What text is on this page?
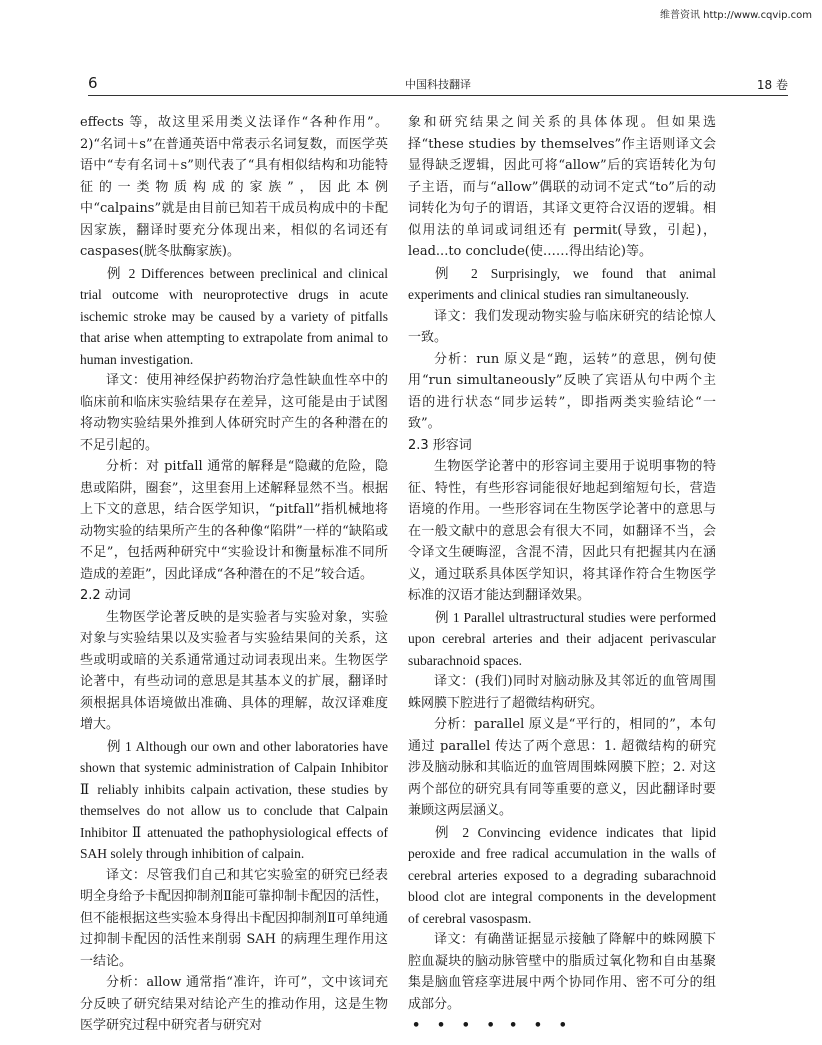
维普资讯 http://www.cqvip.com
6	中国科技翻译	18 卷

effects 等，故这里采用类义法译作“各种作用”。2)“名词＋s”在普通英语中常表示名词复数，而医学英语中“专有名词＋s”则代表了“具有相似结构和功能特征的一类物质构成的家族”，因此本例中“calpains”就是由目前已知若干成员构成中的卡配因家族，翻译时要充分体现出来，相似的名词还有 caspases(胱冬肽酶家族)。

例 2 Differences between preclinical and clinical trial outcome with neuroprotective drugs in acute ischemic stroke may be caused by a variety of pitfalls that arise when attempting to extrapolate from animal to human investigation.

译文：使用神经保护药物治疗急性缺血性卒中的临床前和临床实验结果存在差异，这可能是由于试图将动物实验结果外推到人体研究时产生的各种潜在的不足引起的。

分析：对 pitfall 通常的解释是“隐藏的危险，隐患或陷阱，圈套”，这里套用上述解释显然不当。根据上下文的意思，结合医学知识，“pitfall”指机械地将动物实验的结果所产生的各种像“陷阱”一样的“缺陷或不足”，包括两种研究中“实验设计和衡量标准不同所造成的差距”，因此译成“各种潜在的不足”较合适。

2.2 动词

生物医学论著反映的是实验者与实验对象，实验对象与实验结果以及实验者与实验结果间的关系，这些或明或暗的关系通常通过动词表现出来。生物医学论著中，有些动词的意思是其基本义的扩展，翻译时须根据具体语境做出准确、具体的理解，故汉译难度增大。

例 1 Although our own and other laboratories have shown that systemic administration of Calpain Inhibitor Ⅱ reliably inhibits calpain activation, these studies by themselves do not allow us to conclude that Calpain Inhibitor Ⅱ attenuated the pathophysiological effects of SAH solely through inhibition of calpain.

译文：尽管我们自己和其它实验室的研究已经表明全身给予卡配因抑制剂Ⅱ能可靠抑制卡配因的活性，但不能根据这些实验本身得出卡配因抑制剂Ⅱ可单纯通过抑制卡配因的活性来削弱 SAH 的病理生理作用这一结论。

分析：allow 通常指“准许，许可”，文中该词充分反映了研究结果对结论产生的推动作用，这是生物医学研究过程中研究者与研究对

象和研究结果之间关系的具体体现。但如果选择“these studies by themselves”作主语则译文会显得缺乏逻辑，因此可将“allow”后的宾语转化为句子主语，而与“allow”偶联的动词不定式“to”后的动词转化为句子的谓语，其译文更符合汉语的逻辑。相似用法的单词或词组还有 permit(导致，引起)，lead...to conclude(使……得出结论)等。

例 2 Surprisingly, we found that animal experiments and clinical studies ran simultaneously.

译文：我们发现动物实验与临床研究的结论惊人一致。

分析：run 原义是“跑，运转”的意思，例句使用“run simultaneously”反映了宾语从句中两个主语的进行状态“同步运转”，即指两类实验结论“一致”。

2.3 形容词

生物医学论著中的形容词主要用于说明事物的特征、特性，有些形容词能很好地起到缩短句长，营造语境的作用。一些形容词在生物医学论著中的意思与在一般文献中的意思会有很大不同，如翻译不当，会令译文生硬晦涩，含混不清，因此只有把握其内在涵义，通过联系具体医学知识，将其译作符合生物医学标准的汉语才能达到翻译效果。

例 1 Parallel ultrastructural studies were performed upon cerebral arteries and their adjacent perivascular subarachnoid spaces.

译文：(我们)同时对脑动脉及其邻近的血管周围蛛网膜下腔进行了超微结构研究。

分析：parallel 原义是“平行的，相同的”，本句通过 parallel 传达了两个意思：1. 超微结构的研究涉及脑动脉和其临近的血管周围蛛网膜下腔；2. 对这两个部位的研究具有同等重要的意义，因此翻译时要兼顾这两层涵义。

例 2 Convincing evidence indicates that lipid peroxide and free radical accumulation in the walls of cerebral arteries exposed to a degrading subarachnoid blood clot are integral components in the development of cerebral vasospasm.

译文：有确凿证据显示接触了降解中的蛛网膜下腔血凝块的脑动脉管壁中的脂质过氧化物和自由基聚集是脑血管痉挛进展中两个协同作用、密不可分的组成部分。

• • • • • • •
